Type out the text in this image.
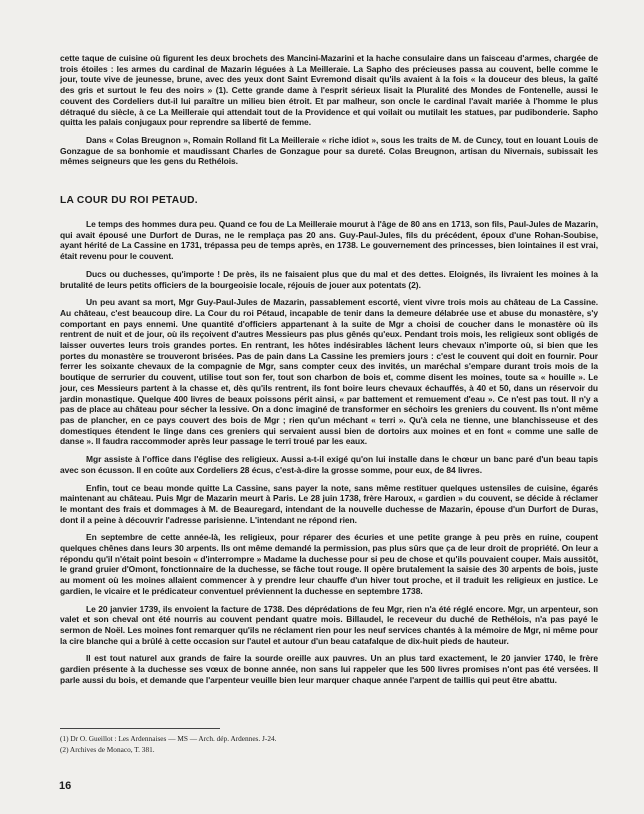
cette taque de cuisine où figurent les deux brochets des Mancini-Mazarini et la hache consulaire dans un faisceau d'armes, chargée de trois étoiles : les armes du cardinal de Mazarin léguées à La Meilleraie. La Sapho des précieuses passa au couvent, belle comme le jour, toute vive de jeunesse, brune, avec des yeux dont Saint Evremond disait qu'ils avaient à la fois « la douceur des bleus, la gaîté des gris et surtout le feu des noirs » (1). Cette grande dame à l'esprit sérieux lisait la Pluralité des Mondes de Fontenelle, aussi le couvent des Cordeliers dut-il lui paraître un milieu bien étroit. Et par malheur, son oncle le cardinal l'avait mariée à l'homme le plus détraqué du siècle, à ce La Meilleraie qui attendait tout de la Providence et qui voilait ou mutilait les statues, par pudibonderie. Sapho quitta les palais conjugaux pour reprendre sa liberté de femme.

Dans « Colas Breugnon », Romain Rolland fit La Meilleraie « riche idiot », sous les traits de M. de Cuncy, tout en louant Louis de Gonzague de sa bonhomie et maudissant Charles de Gonzague pour sa dureté. Colas Breugnon, artisan du Nivernais, subissait les mêmes seigneurs que les gens du Rethélois.

LA COUR DU ROI PETAUD.

Le temps des hommes dura peu. Quand ce fou de La Meilleraie mourut à l'âge de 80 ans en 1713, son fils, Paul-Jules de Mazarin, qui avait épousé une Durfort de Duras, ne le remplaça pas 20 ans. Guy-Paul-Jules, fils du précédent, époux d'une Rohan-Soubise, ayant hérité de La Cassine en 1731, trépassa peu de temps après, en 1738. Le gouvernement des princesses, bien lointaines il est vrai, était revenu pour le couvent.

Ducs ou duchesses, qu'importe ! De près, ils ne faisaient plus que du mal et des dettes. Eloignés, ils livraient les moines à la brutalité de leurs petits officiers de la bourgeoisie locale, réjouis de jouer aux potentats (2).

Un peu avant sa mort, Mgr Guy-Paul-Jules de Mazarin, passablement escorté, vient vivre trois mois au château de La Cassine. Au château, c'est beaucoup dire. La Cour du roi Pétaud, incapable de tenir dans la demeure délabrée use et abuse du monastère, s'y comportant en pays ennemi. Une quantité d'officiers appartenant à la suite de Mgr a choisi de coucher dans le monastère où ils rentrent de nuit et de jour, où ils reçoivent d'autres Messieurs pas plus gênés qu'eux. Pendant trois mois, les religieux sont obligés de laisser ouvertes leurs trois grandes portes. En rentrant, les hôtes indésirables lâchent leurs chevaux n'importe où, si bien que les portes du monastère se trouveront brisées. Pas de pain dans La Cassine les premiers jours : c'est le couvent qui doit en fournir. Pour ferrer les soixante chevaux de la compagnie de Mgr, sans compter ceux des invités, un maréchal s'empare durant trois mois de la boutique de serrurier du couvent, utilise tout son fer, tout son charbon de bois et, comme disent les moines, toute sa « houille ». Le jour, ces Messieurs partent à la chasse et, dès qu'ils rentrent, ils font boire leurs chevaux échauffés, à 40 et 50, dans un réservoir du jardin monastique. Quelque 400 livres de beaux poissons périt ainsi, « par battement et remuement d'eau ». Ce n'est pas tout. Il n'y a pas de place au château pour sécher la lessive. On a donc imaginé de transformer en séchoirs les greniers du couvent. Ils n'ont même pas de plancher, en ce pays couvert des bois de Mgr ; rien qu'un méchant « terri ». Qu'à cela ne tienne, une blanchisseuse et des domestiques étendent le linge dans ces greniers qui servaient aussi bien de dortoirs aux moines et en font « comme une salle de danse ». Il faudra raccommoder après leur passage le terri troué par les eaux.

Mgr assiste à l'office dans l'église des religieux. Aussi a-t-il exigé qu'on lui installe dans le chœur un banc paré d'un beau tapis avec son écusson. Il en coûte aux Cordeliers 28 écus, c'est-à-dire la grosse somme, pour eux, de 84 livres.

Enfin, tout ce beau monde quitte La Cassine, sans payer la note, sans même restituer quelques ustensiles de cuisine, égarés maintenant au château. Puis Mgr de Mazarin meurt à Paris. Le 28 juin 1738, frère Haroux, « gardien » du couvent, se décide à réclamer le montant des frais et dommages à M. de Beauregard, intendant de la nouvelle duchesse de Mazarin, épouse d'un Durfort de Duras, dont il a peine à découvrir l'adresse parisienne. L'intendant ne répond rien.

En septembre de cette année-là, les religieux, pour réparer des écuries et une petite grange à peu près en ruine, coupent quelques chênes dans leurs 30 arpents. Ils ont même demandé la permission, pas plus sûrs que ça de leur droit de propriété. On leur a répondu qu'il n'était point besoin « d'interrompre » Madame la duchesse pour si peu de chose et qu'ils pouvaient couper. Mais aussitôt, le grand gruier d'Omont, fonctionnaire de la duchesse, se fâche tout rouge. Il opère brutalement la saisie des 30 arpents de bois, juste au moment où les moines allaient commencer à y prendre leur chauffe d'un hiver tout proche, et il traduit les religieux en justice. Le gardien, le vicaire et le prédicateur conventuel préviennent la duchesse en septembre 1738.

Le 20 janvier 1739, ils envoient la facture de 1738. Des déprédations de feu Mgr, rien n'a été réglé encore. Mgr, un arpenteur, son valet et son cheval ont été nourris au couvent pendant quatre mois. Billaudel, le receveur du duché de Rethélois, n'a pas payé le sermon de Noël. Les moines font remarquer qu'ils ne réclament rien pour les neuf services chantés à la mémoire de Mgr, ni même pour la cire blanche qui a brûlé à cette occasion sur l'autel et autour d'un beau catafalque de dix-huit pieds de hauteur.

Il est tout naturel aux grands de faire la sourde oreille aux pauvres. Un an plus tard exactement, le 20 janvier 1740, le frère gardien présente à la duchesse ses vœux de bonne année, non sans lui rappeler que les 500 livres promises n'ont pas été versées. Il parle aussi du bois, et demande que l'arpenteur veuille bien leur marquer chaque année l'arpent de taillis qui peut être abattu.

(1) Dr O. Gueillot : Les Ardennaises — MS — Arch. dép. Ardennes. J-24.
(2) Archives de Monaco, T. 381.
16
